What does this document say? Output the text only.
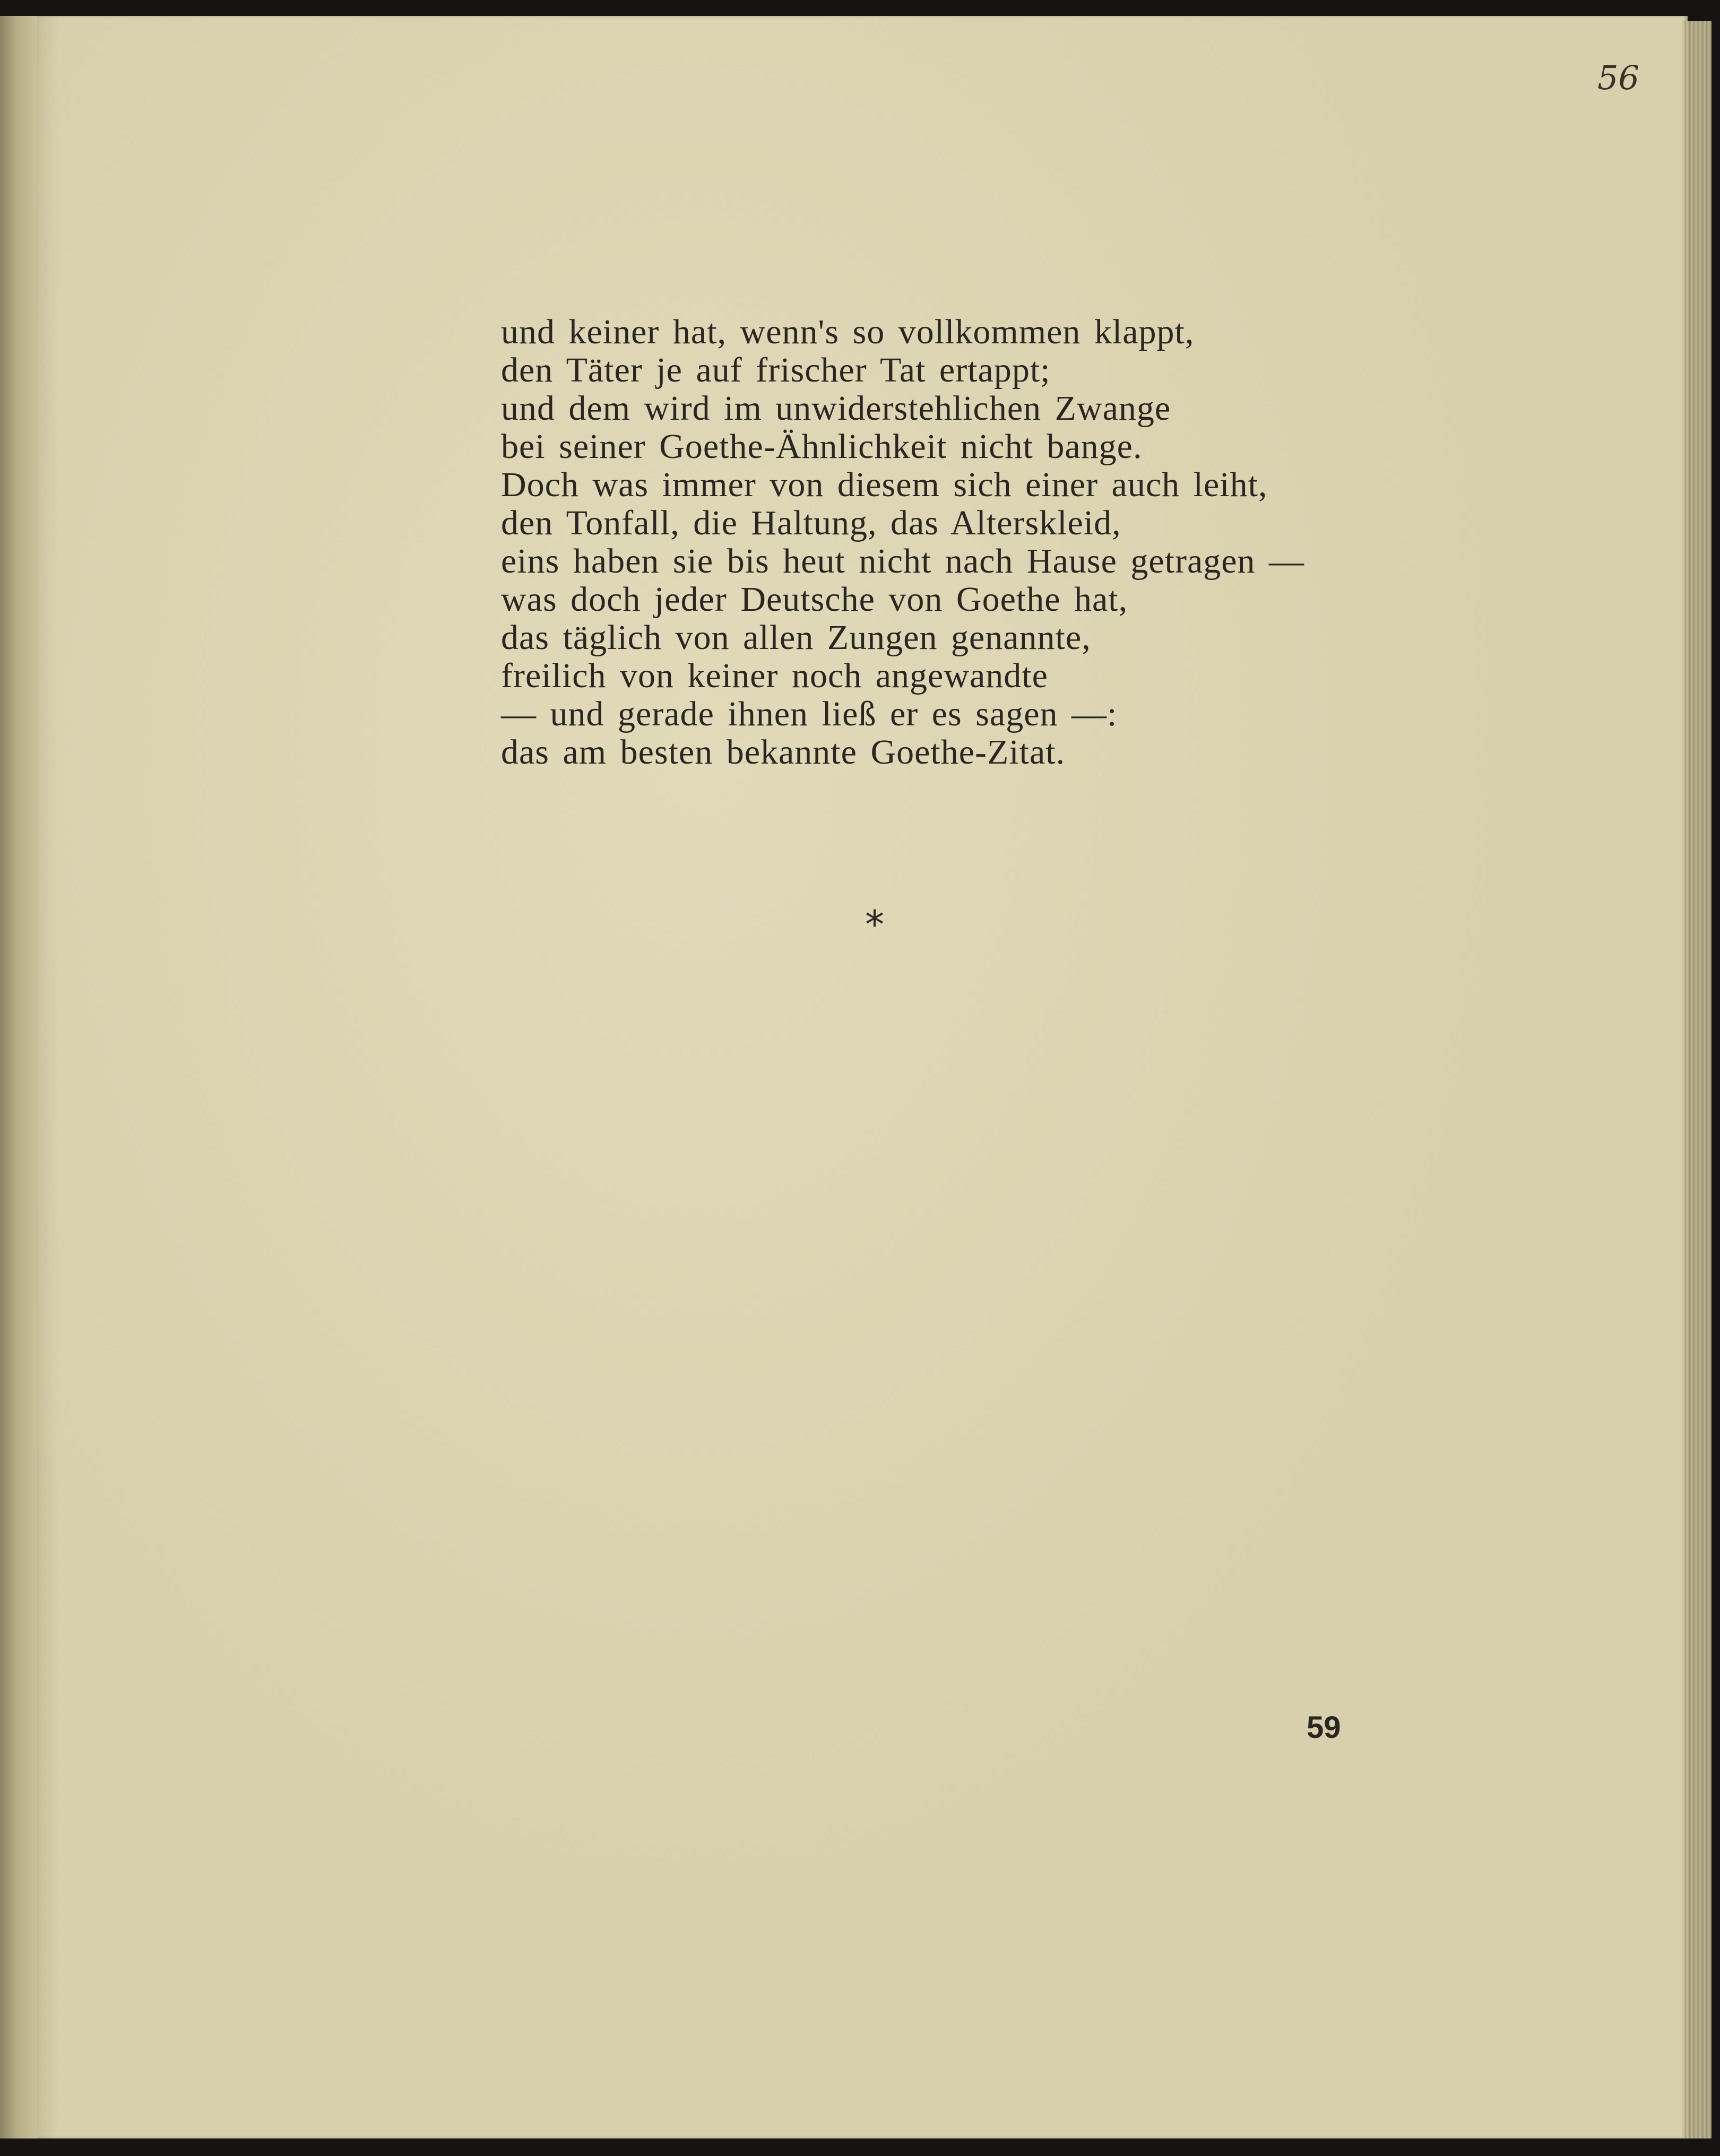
56
und keiner hat, wenn's so vollkommen klappt,
den Täter je auf frischer Tat ertappt;
und dem wird im unwiderstehlichen Zwange
bei seiner Goethe-Ähnlichkeit nicht bange.
Doch was immer von diesem sich einer auch leiht,
den Tonfall, die Haltung, das Alterskleid,
eins haben sie bis heut nicht nach Hause getragen —
was doch jeder Deutsche von Goethe hat,
das täglich von allen Zungen genannte,
freilich von keiner noch angewandte
— und gerade ihnen ließ er es sagen —:
das am besten bekannte Goethe-Zitat.
*
59
